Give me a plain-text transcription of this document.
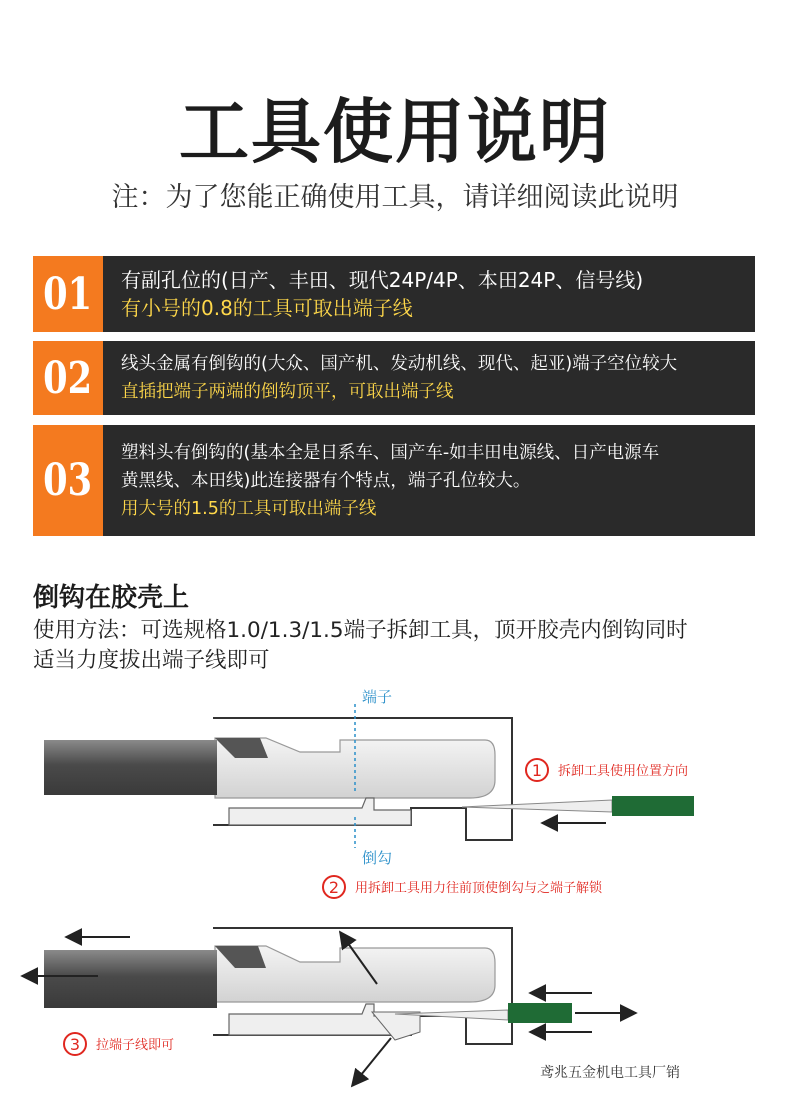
工具使用说明
注：为了您能正确使用工具，请详细阅读此说明
01 有副孔位的(日产、丰田、现代24P/4P、本田24P、信号线)
有小号的0.8的工具可取出端子线
02 线头金属有倒钩的(大众、国产机、发动机线、现代、起亚)端子空位较大
直插把端子两端的倒钩顶平，可取出端子线
03
塑料头有倒钩的(基本全是日系车、国产车-如丰田电源线、日产电源车
黄黑线、本田线)此连接器有个特点，端子孔位较大。
用大号的1.5的工具可取出端子线
倒钩在胶壳上
使用方法：可选规格1.0/1.3/1.5端子拆卸工具，顶开胶壳内倒钩同时
适当力度拔出端子线即可
端子
倒勾
1 拆卸工具使用位置方向
2 用拆卸工具用力往前顶使倒勾与之端子解锁
3 拉端子线即可
鸢兆五金机电工具厂销
